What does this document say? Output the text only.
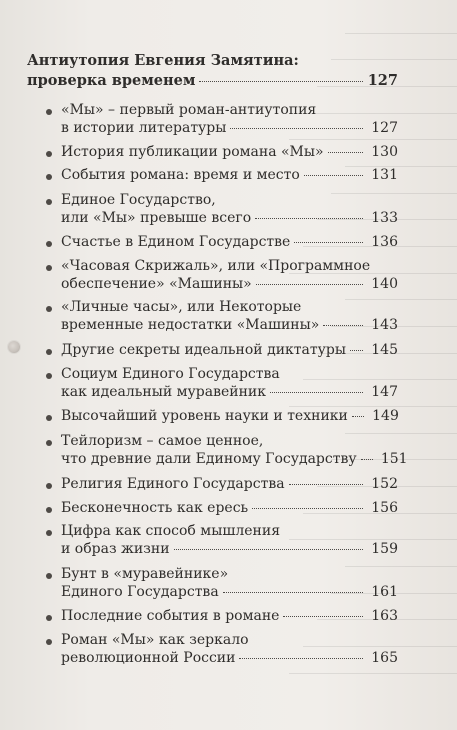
Антиутопия Евгения Замятина:
проверка временем	127
«Мы» – первый роман-антиутопия
в истории литературы	127
История публикации романа «Мы»	130
События романа: время и место	131
Единое Государство,
или «Мы» превыше всего	133
Счастье в Едином Государстве	136
«Часовая Скрижаль», или «Программное
обеспечение» «Машины»	140
«Личные часы», или Некоторые
временные недостатки «Машины»	143
Другие секреты идеальной диктатуры	145
Социум Единого Государства
как идеальный муравейник	147
Высочайший уровень науки и техники	149
Тейлоризм – самое ценное,
что древние дали Единому Государству	151
Религия Единого Государства	152
Бесконечность как ересь	156
Цифра как способ мышления
и образ жизни	159
Бунт в «муравейнике»
Единого Государства	161
Последние события в романе	163
Роман «Мы» как зеркало
революционной России	165
